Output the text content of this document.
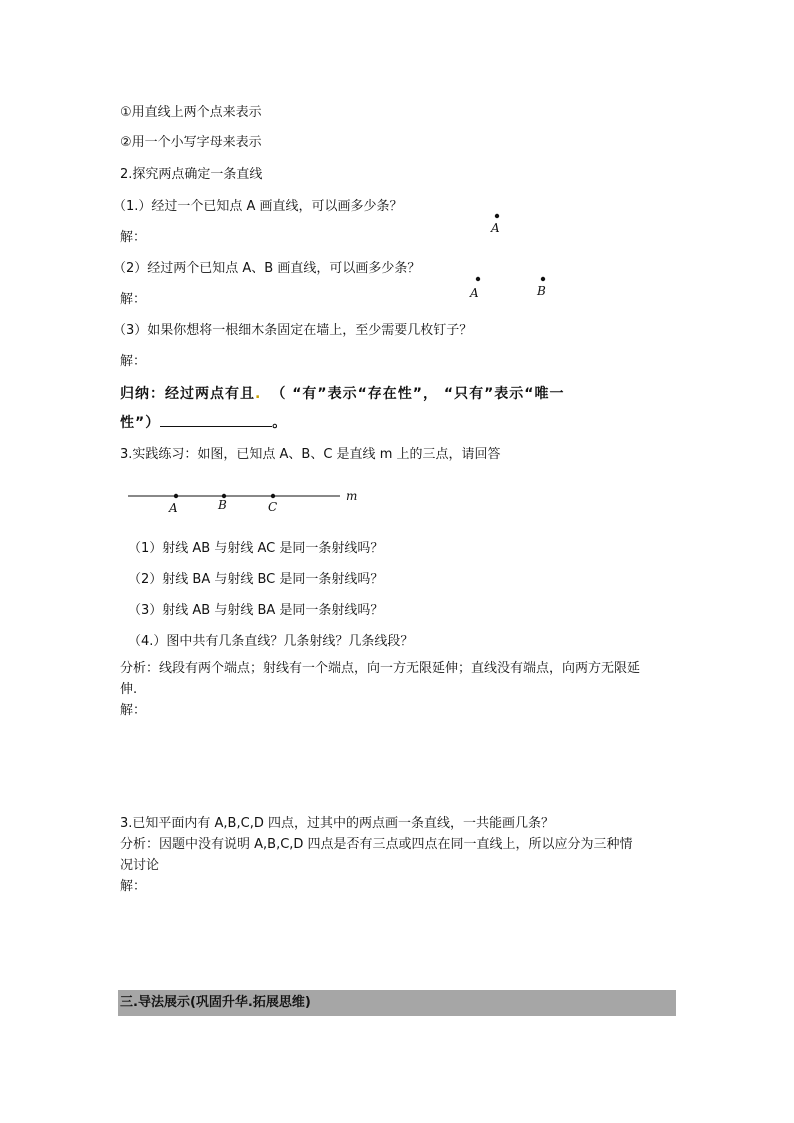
①用直线上两个点来表示
②用一个小写字母来表示
2.探究两点确定一条直线
（1.）经过一个已知点 A 画直线，可以画多少条？
A
解：
（2）经过两个已知点 A、B 画直线，可以画多少条？
A	B
解：
（3）如果你想将一根细木条固定在墙上，至少需要几枚钉子？
解：
归纳：经过两点有且. （ “有”表示“存在性”， “只有”表示“唯一
性”）	。
3.实践练习：如图，已知点 A、B、C 是直线 m 上的三点，请回答
A	B	C
m
（1）射线 AB 与射线 AC 是同一条射线吗？
（2）射线 BA 与射线 BC 是同一条射线吗？
（3）射线 AB 与射线 BA 是同一条射线吗？
（4.）图中共有几条直线？几条射线？几条线段？
分析：线段有两个端点；射线有一个端点，向一方无限延伸；直线没有端点，向两方无限延
伸.
解：
3.已知平面内有 A,B,C,D 四点，过其中的两点画一条直线，一共能画几条？
分析：因题中没有说明 A,B,C,D 四点是否有三点或四点在同一直线上，所以应分为三种情
况讨论
解：
三.导法展示(巩固升华.拓展思维)
